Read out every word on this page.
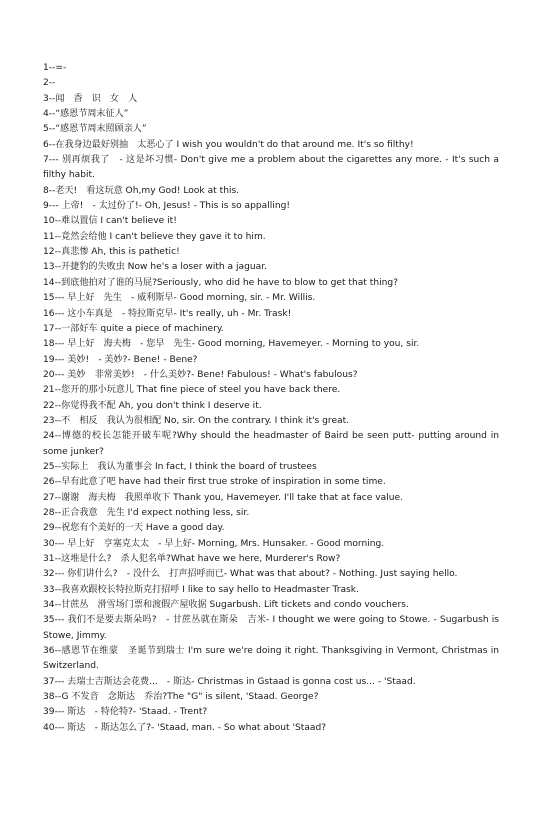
1--=-
2--
3--闻　香　识　女　人
4--“感恩节周末征人”
5--“感恩节周末照顾亲人”
6--在我身边最好别抽　太恶心了 I wish you wouldn't do that around me. It's so filthy!
7--- 别再烦我了　- 这是坏习惯- Don't give me a problem about the cigarettes any more. - It's such a filthy habit.
8--老天!　看这玩意 Oh,my God! Look at this.
9--- 上帝!　- 太过份了!- Oh, Jesus! - This is so appalling!
10--难以置信 I can't believe it!
11--竟然会给他 I can't believe they gave it to him.
12--真悲惨 Ah, this is pathetic!
13--开捷豹的失败虫 Now he's a loser with a jaguar.
14--到底他拍对了谁的马屁?Seriously, who did he have to blow to get that thing?
15--- 早上好　先生　- 威利斯早- Good morning, sir. - Mr. Willis.
16--- 这小车真是　- 特拉斯克早- It's really, uh - Mr. Trask!
17--一部好车 quite a piece of machinery.
18--- 早上好　海夫梅　- 您早　先生- Good morning, Havemeyer. - Morning to you, sir.
19--- 美妙!　- 美妙?- Bene! - Bene?
20--- 美妙　非常美妙!　- 什么美妙?- Bene! Fabulous! - What's fabulous?
21--您开的那小玩意儿 That fine piece of steel you have back there.
22--你觉得我不配 Ah, you don't think I deserve it.
23--不　相反　我认为很相配 No, sir. On the contrary. I think it's great.
24--博德的校长怎能开破车呢?Why should the headmaster of Baird be seen putt- putting around in some junker?
25--实际上　我认为董事会 In fact, I think the board of trustees
26--早有此意了吧 have had their first true stroke of inspiration in some time.
27--谢谢　海夫梅　我照单收下 Thank you, Havemeyer. I'll take that at face value.
28--正合我意　先生 I'd expect nothing less, sir.
29--祝您有个美好的一天 Have a good day.
30--- 早上好　亨塞克太太　- 早上好- Morning, Mrs. Hunsaker. - Good morning.
31--这堆是什么?　杀人犯名单?What have we here, Murderer's Row?
32--- 你们讲什么?　- 没什么　打声招呼而已- What was that about? - Nothing. Just saying hello.
33--我喜欢跟校长特拉斯克打招呼 I like to say hello to Headmaster Trask.
34--甘蔗丛　滑雪场门票和渡假产屋收据 Sugarbush. Lift tickets and condo vouchers.
35--- 我们不是要去斯朵吗?　- 甘蔗丛就在斯朵　吉米- I thought we were going to Stowe. - Sugarbush is Stowe, Jimmy.
36--感恩节在维蒙　圣诞节到瑞士 I'm sure we're doing it right. Thanksgiving in Vermont, Christmas in Switzerland.
37--- 去瑞士吉斯达会花费...　- 斯达- Christmas in Gstaad is gonna cost us... - 'Staad.
38--G 不发音　念斯达　乔治?The "G" is silent, 'Staad. George?
39--- 斯达　- 特伦特?- 'Staad. - Trent?
40--- 斯达　- 斯达怎么了?- 'Staad, man. - So what about 'Staad?
